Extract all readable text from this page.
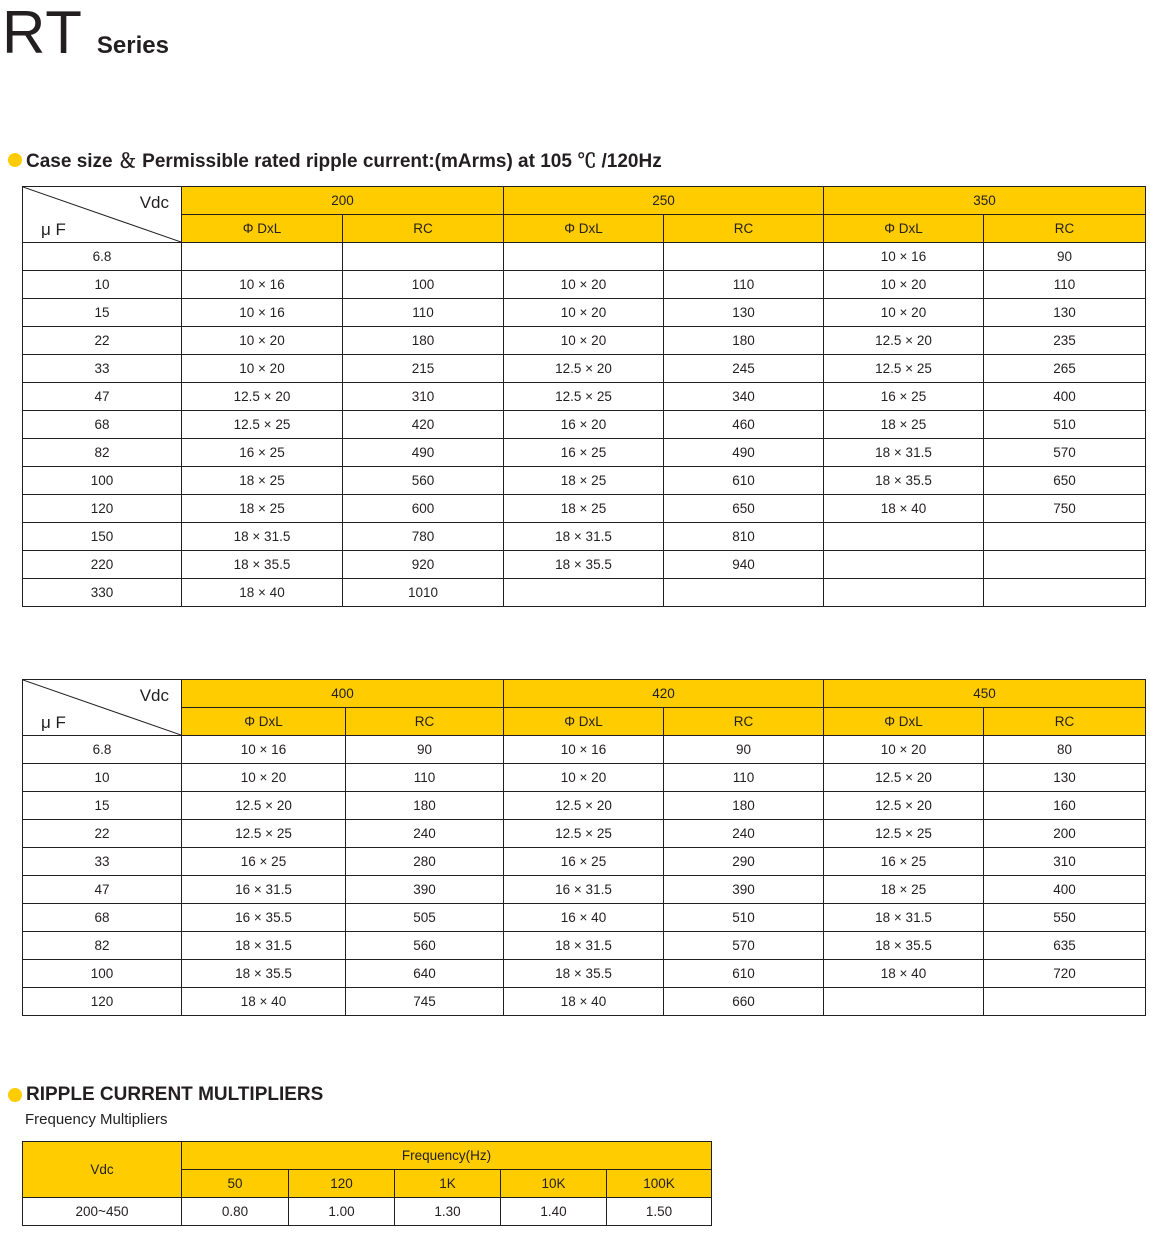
RT Series
Case size ＆ Permissible rated ripple current:(mArms) at 105 ℃ /120Hz
Vdc
μ F	200		250		350	
	Φ DxL	RC	Φ DxL	RC	Φ DxL	RC
6.8					10 × 16	90
10	10 × 16	100	10 × 20	110	10 × 20	110
15	10 × 16	110	10 × 20	130	10 × 20	130
22	10 × 20	180	10 × 20	180	12.5 × 20	235
33	10 × 20	215	12.5 × 20	245	12.5 × 25	265
47	12.5 × 20	310	12.5 × 25	340	16 × 25	400
68	12.5 × 25	420	16 × 20	460	18 × 25	510
82	16 × 25	490	16 × 25	490	18 × 31.5	570
100	18 × 25	560	18 × 25	610	18 × 35.5	650
120	18 × 25	600	18 × 25	650	18 × 40	750
150	18 × 31.5	780	18 × 31.5	810		
220	18 × 35.5	920	18 × 35.5	940		
330	18 × 40	1010				
Vdc
μ F	400		420		450	
	Φ DxL	RC	Φ DxL	RC	Φ DxL	RC
6.8	10 × 16	90	10 × 16	90	10 × 20	80
10	10 × 20	110	10 × 20	110	12.5 × 20	130
15	12.5 × 20	180	12.5 × 20	180	12.5 × 20	160
22	12.5 × 25	240	12.5 × 25	240	12.5 × 25	200
33	16 × 25	280	16 × 25	290	16 × 25	310
47	16 × 31.5	390	16 × 31.5	390	18 × 25	400
68	16 × 35.5	505	16 × 40	510	18 × 31.5	550
82	18 × 31.5	560	18 × 31.5	570	18 × 35.5	635
100	18 × 35.5	640	18 × 35.5	610	18 × 40	720
120	18 × 40	745	18 × 40	660		
RIPPLE CURRENT MULTIPLIERS
Frequency Multipliers
Vdc	Frequency(Hz)				
	50	120	1K	10K	100K
200~450	0.80	1.00	1.30	1.40	1.50
